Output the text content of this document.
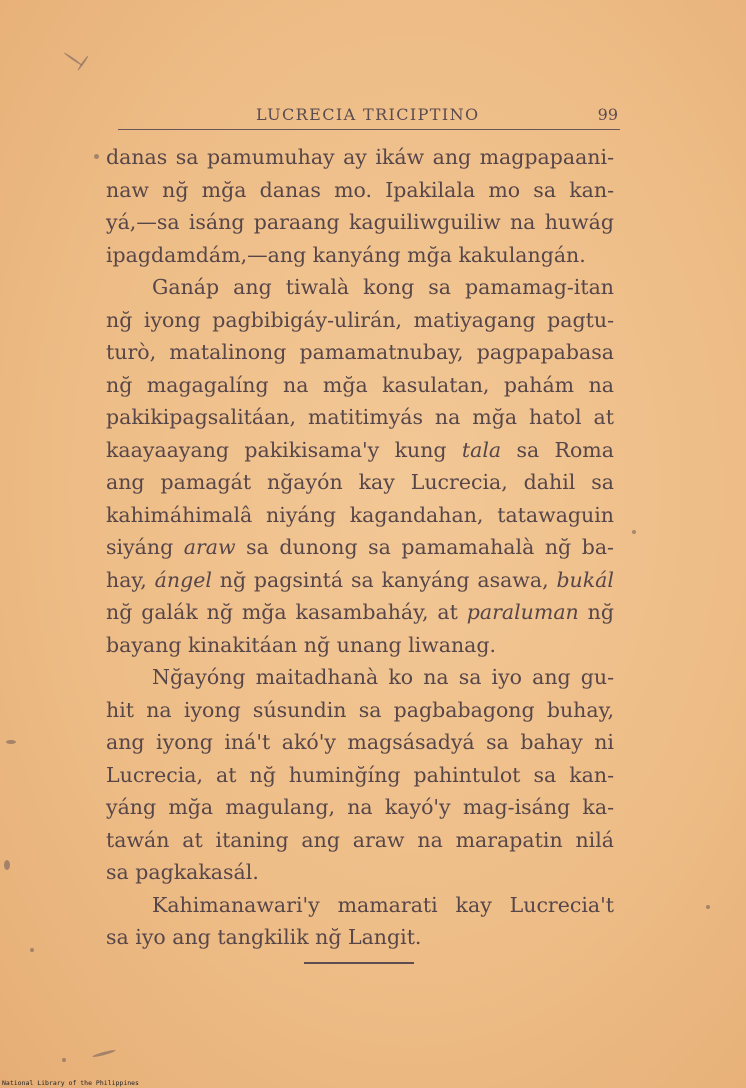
LUCRECIA TRICIPTINO	99
danas sa pamumuhay ay ikáw ang magpapaani-
naw nğ mğa danas mo. Ipakilala mo sa kan-
yá,—sa isáng paraang kaguiliwguiliw na huwág
ipagdamdám,—ang kanyáng mğa kakulangán.
Ganáp ang tiwalà kong sa pamamag-itan
nğ iyong pagbibigáy-ulirán, matiyagang pagtu-
turò, matalinong pamamatnubay, pagpapabasa
nğ magagalíng na mğa kasulatan, pahám na
pakikipagsalitáan, matitimyás na mğa hatol at
kaayaayang pakikisama'y kung tala sa Roma
ang pamagát nğayón kay Lucrecia, dahil sa
kahimáhimalâ niyáng kagandahan, tatawaguin
siyáng araw sa dunong sa pamamahalà nğ ba-
hay, ángel nğ pagsintá sa kanyáng asawa, bukál
nğ galák nğ mğa kasambaháy, at paraluman nğ
bayang kinakitáan nğ unang liwanag.
Nğayóng maitadhanà ko na sa iyo ang gu-
hit na iyong súsundin sa pagbabagong buhay,
ang iyong iná't akó'y magsásadyá sa bahay ni
Lucrecia, at nğ huminğíng pahintulot sa kan-
yáng mğa magulang, na kayó'y mag-isáng ka-
tawán at itaning ang araw na marapatin nilá
sa pagkakasál.
Kahimanawari'y mamarati kay Lucrecia't
sa iyo ang tangkilik nğ Langit.
National Library of the Philippines
